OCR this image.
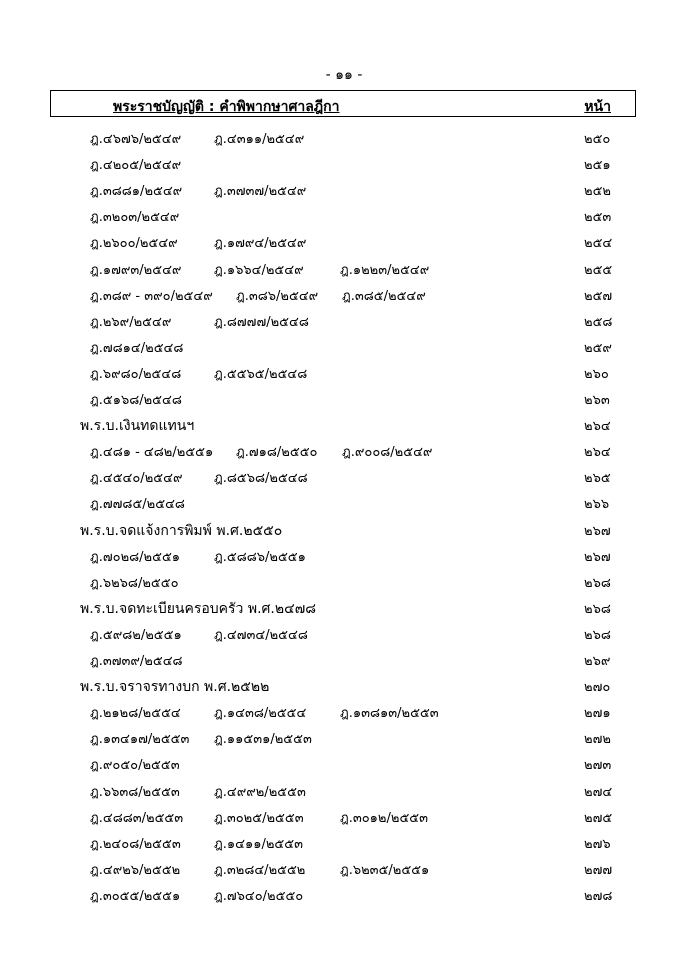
- ๑๑ -
พระราชบัญญัติ : คำพิพากษาศาลฎีกา	หน้า
ฎ.๔๖๗๖/๒๕๔๙	ฎ.๔๓๑๑/๒๕๔๙	๒๕๐
ฎ.๔๒๐๕/๒๕๔๙	๒๕๑
ฎ.๓๘๘๑/๒๕๔๙ ฎ.๓๗๓๗/๒๕๔๙	๒๕๒
ฎ.๓๒๐๓/๒๕๔๙	๒๕๓
ฎ.๒๖๐๐/๒๕๔๙	ฎ.๑๗๙๔/๒๕๔๙	๒๕๔
ฎ.๑๗๙๓/๒๕๔๙	ฎ.๑๖๖๔/๒๕๔๙	ฎ.๑๒๒๓/๒๕๔๙	๒๕๕
ฎ.๓๘๙ - ๓๙๐/๒๕๔๙ ฎ.๓๘๖/๒๕๔๙ ฎ.๓๘๕/๒๕๔๙	๒๕๗
ฎ.๒๖๙/๒๕๔๙	ฎ.๘๗๗๗/๒๕๔๘	๒๕๘
ฎ.๗๘๑๔/๒๕๔๘	๒๕๙
ฎ.๖๙๘๐/๒๕๔๘	ฎ.๕๕๖๕/๒๕๔๘	๒๖๐
ฎ.๕๑๖๘/๒๕๔๘	๒๖๓
พ.ร.บ.เงินทดแทนฯ	๒๖๔
ฎ.๔๘๑ - ๔๘๒/๒๕๕๑ ฎ.๗๑๘/๒๕๕๐ ฎ.๙๐๐๘/๒๕๔๙	๒๖๔
ฎ.๔๕๔๐/๒๕๔๙ ฎ.๘๕๖๘/๒๕๔๘	๒๖๕
ฎ.๗๗๘๕/๒๕๔๘	๒๖๖
พ.ร.บ.จดแจ้งการพิมพ์ พ.ศ.๒๕๕๐	๒๖๗
ฎ.๗๐๒๘/๒๕๕๑	ฎ.๕๘๘๖/๒๕๕๑	๒๖๗
ฎ.๖๒๖๘/๒๕๕๐	๒๖๘
พ.ร.บ.จดทะเบียนครอบครัว พ.ศ.๒๔๗๘	๒๖๘
ฎ.๕๙๘๒/๒๕๕๑ ฎ.๔๗๓๔/๒๕๔๘	๒๖๘
ฎ.๓๗๓๙/๒๕๔๘	๒๖๙
พ.ร.บ.จราจรทางบก พ.ศ.๒๕๒๒	๒๗๐
ฎ.๒๑๒๘/๒๕๕๔	ฎ.๑๔๓๘/๒๕๕๔	ฎ.๑๓๘๑๓/๒๕๕๓	๒๗๑
ฎ.๑๓๔๑๗/๒๕๕๓ ฎ.๑๑๕๓๑/๒๕๕๓	๒๗๒
ฎ.๙๐๕๐/๒๕๕๓	๒๗๓
ฎ.๖๖๓๘/๒๕๕๓	ฎ.๔๙๙๒/๒๕๕๓	๒๗๔
ฎ.๔๘๘๓/๒๕๕๓ ฎ.๓๐๒๕/๒๕๕๓	ฎ.๓๐๑๒/๒๕๕๓	๒๗๕
ฎ.๒๔๐๘/๒๕๕๓	ฎ.๑๔๑๑/๒๕๕๓	๒๗๖
ฎ.๔๙๒๖/๒๕๕๒	ฎ.๓๒๘๔/๒๕๕๒	ฎ.๖๒๓๕/๒๕๕๑	๒๗๗
ฎ.๓๐๕๕/๒๕๕๑	ฎ.๗๖๔๐/๒๕๕๐	๒๗๘
